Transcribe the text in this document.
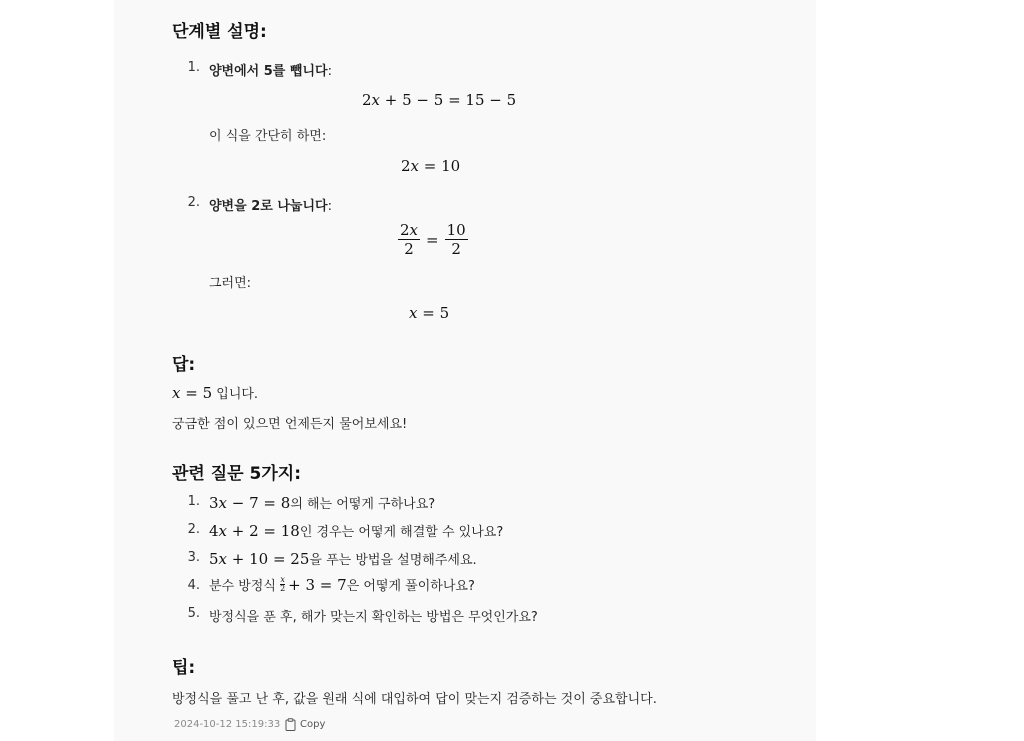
단계별 설명:
1. 양변에서 5를 뺍니다:
2x + 5 − 5 = 15 − 5
이 식을 간단히 하면:
2x = 10
2. 양변을 2로 나눕니다:
$\frac{2x}{2} = \frac{10}{2}$
그러면:
x = 5
답:
x = 5 입니다.
궁금한 점이 있으면 언제든지 물어보세요!
관련 질문 5가지:
1. 3x − 7 = 8의 해는 어떻게 구하나요?
2. 4x + 2 = 18인 경우는 어떻게 해결할 수 있나요?
3. 5x + 10 = 25을 푸는 방법을 설명해주세요.
4. 분수 방정식 $\frac{x}{2} + 3 = 7$ 은 어떻게 풀이하나요?
5. 방정식을 푼 후, 해가 맞는지 확인하는 방법은 무엇인가요?
팁:
방정식을 풀고 난 후, 값을 원래 식에 대입하여 답이 맞는지 검증하는 것이 중요합니다.
2024-10-12 15:19:33 Copy
